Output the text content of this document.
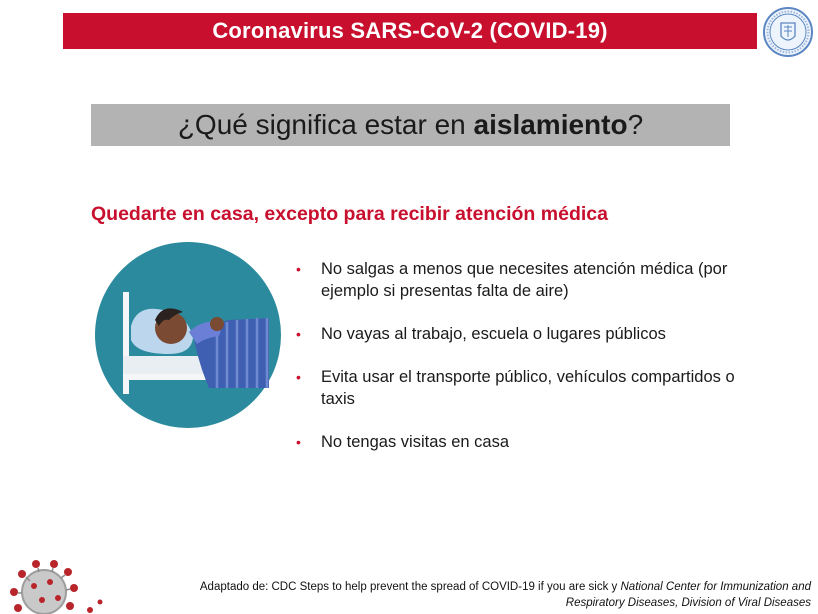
Coronavirus SARS-CoV-2 (COVID-19)
¿Qué significa estar en aislamiento?
Quedarte en casa, excepto para recibir atención médica
• No salgas a menos que necesites atención médica (por
ejemplo si presentas falta de aire)
• No vayas al trabajo, escuela o lugares públicos
• Evita usar el transporte público, vehículos compartidos o
taxis
• No tengas visitas en casa
Adaptado de: CDC Steps to help prevent the spread of COVID-19 if you are sick y National Center for Immunization and
Respiratory Diseases, Division of Viral Diseases
